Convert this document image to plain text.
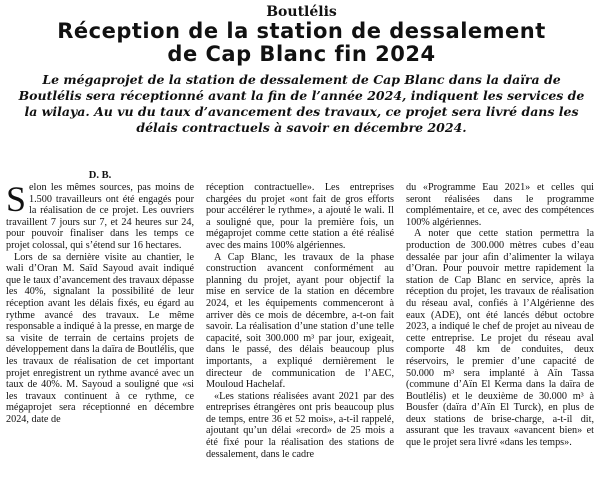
Boutlélis
Réception de la station de dessalement
de Cap Blanc fin 2024
Le mégaprojet de la station de dessalement de Cap Blanc dans la daïra de Boutlélis sera réceptionné avant la fin de l’année 2024, indiquent les services de la wilaya. Au vu du taux d’avancement des travaux, ce projet sera livré dans les délais contractuels à savoir en décembre 2024.
D. B.

Selon les mêmes sources, pas moins de 1.500 travailleurs ont été engagés pour la réalisation de ce projet. Les ouvriers travaillent 7 jours sur 7, et 24 heures sur 24, pour pouvoir finaliser dans les temps ce projet colossal, qui s’étend sur 16 hectares.

Lors de sa dernière visite au chantier, le wali d’Oran M. Saïd Sayoud avait indiqué que le taux d’avancement des travaux dépasse les 40%, signalant la possibilité de leur réception avant les délais fixés, eu égard au rythme avancé des travaux. Le même responsable a indiqué à la presse, en marge de sa visite de terrain de certains projets de développement dans la daïra de Boutlélis, que les travaux de réalisation de cet important projet enregistrent un rythme avancé avec un taux de 40%. M. Sayoud a souligné que «si les travaux continuent à ce rythme, ce mégaprojet sera réceptionné en décembre 2024, date de

réception contractuelle». Les entreprises chargées du projet «ont fait de gros efforts pour accélérer le rythme», a ajouté le wali. Il a souligné que, pour la première fois, un mégaprojet comme cette station a été réalisé avec des mains 100% algériennes.

A Cap Blanc, les travaux de la phase construction avancent conformément au planning du projet, ayant pour objectif la mise en service de la station en décembre 2024, et les équipements commenceront à arriver dès ce mois de décembre, a-t-on fait savoir. La réalisation d’une station d’une telle capacité, soit 300.000 m³ par jour, exigeait, dans le passé, des délais beaucoup plus importants, a expliqué dernièrement le directeur de communication de l’AEC, Mouloud Hachelaf.

«Les stations réalisées avant 2021 par des entreprises étrangères ont pris beaucoup plus de temps, entre 36 et 52 mois», a-t-il rappelé, ajoutant qu’un délai «record» de 25 mois a été fixé pour la réalisation des stations de dessalement, dans le cadre

du «Programme Eau 2021» et celles qui seront réalisées dans le programme complémentaire, et ce, avec des compétences 100% algériennes.

A noter que cette station permettra la production de 300.000 mètres cubes d’eau dessalée par jour afin d’alimenter la wilaya d’Oran. Pour pouvoir mettre rapidement la station de Cap Blanc en service, après la réception du projet, les travaux de réalisation du réseau aval, confiés à l’Algérienne des eaux (ADE), ont été lancés début octobre 2023, a indiqué le chef de projet au niveau de cette entreprise. Le projet du réseau aval comporte 48 km de conduites, deux réservoirs, le premier d’une capacité de 50.000 m³ sera implanté à Aïn Tassa (commune d’Aïn El Kerma dans la daïra de Boutlélis) et le deuxième de 30.000 m³ à Bousfer (daïra d’Aïn El Turck), en plus de deux stations de brise-charge, a-t-il dit, assurant que les travaux «avancent bien» et que le projet sera livré «dans les temps».
